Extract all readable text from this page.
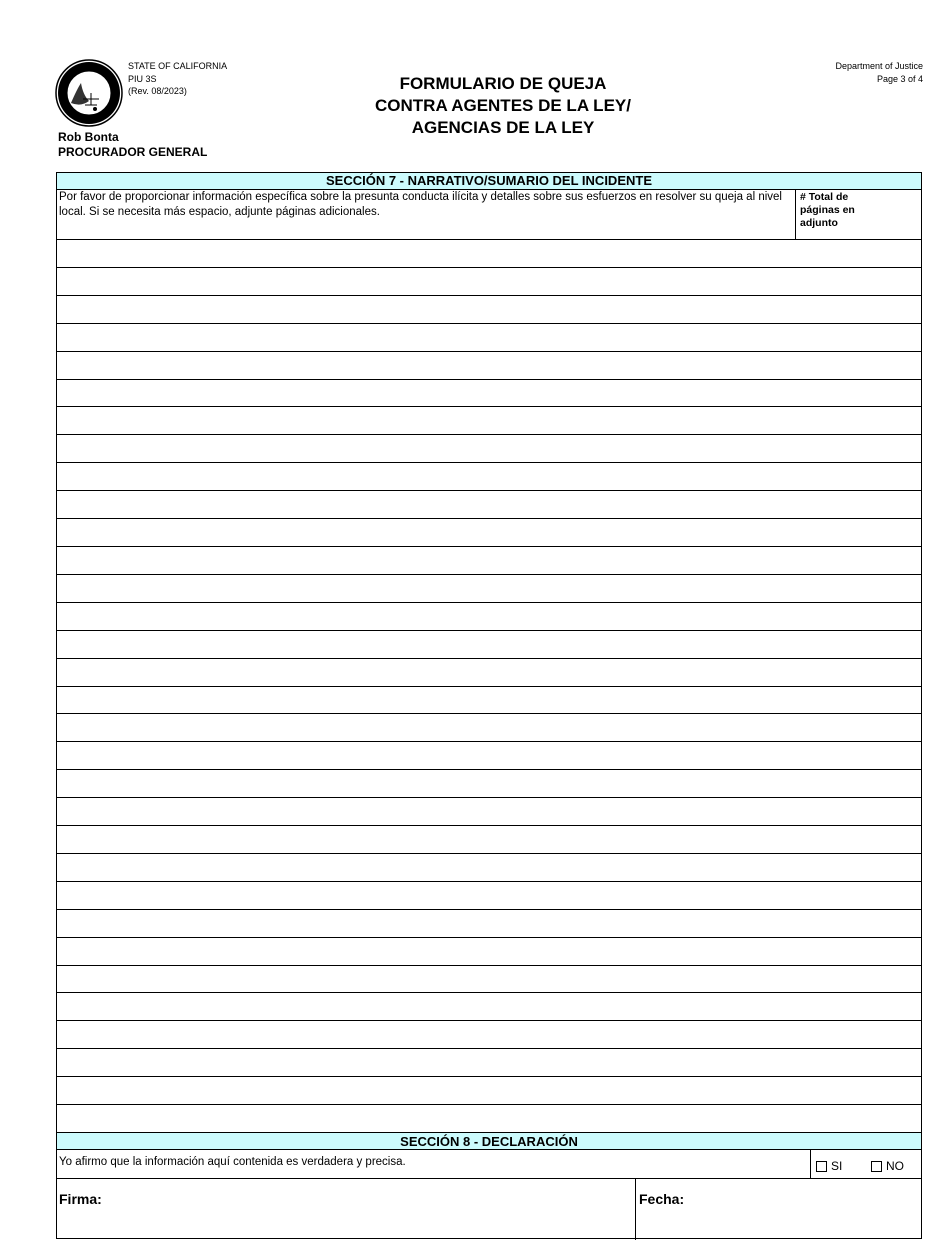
STATE OF CALIFORNIA
PIU 3S
(Rev. 08/2023)
Rob Bonta
PROCURADOR GENERAL
FORMULARIO DE QUEJA
CONTRA AGENTES DE LA LEY/
AGENCIAS DE LA LEY
Department of Justice
Page 3 of 4
SECCIÓN 7 - NARRATIVO/SUMARIO DEL INCIDENTE
Por favor de proporcionar información específica sobre la presunta conducta ilícita y detalles sobre sus esfuerzos en resolver su queja al nivel local. Si se necesita más espacio, adjunte páginas adicionales.
# Total de
páginas en
adjunto
SECCIÓN 8 - DECLARACIÓN
Yo afirmo que la información aquí contenida es verdadera y precisa.	SI	NO
Firma:	Fecha:
